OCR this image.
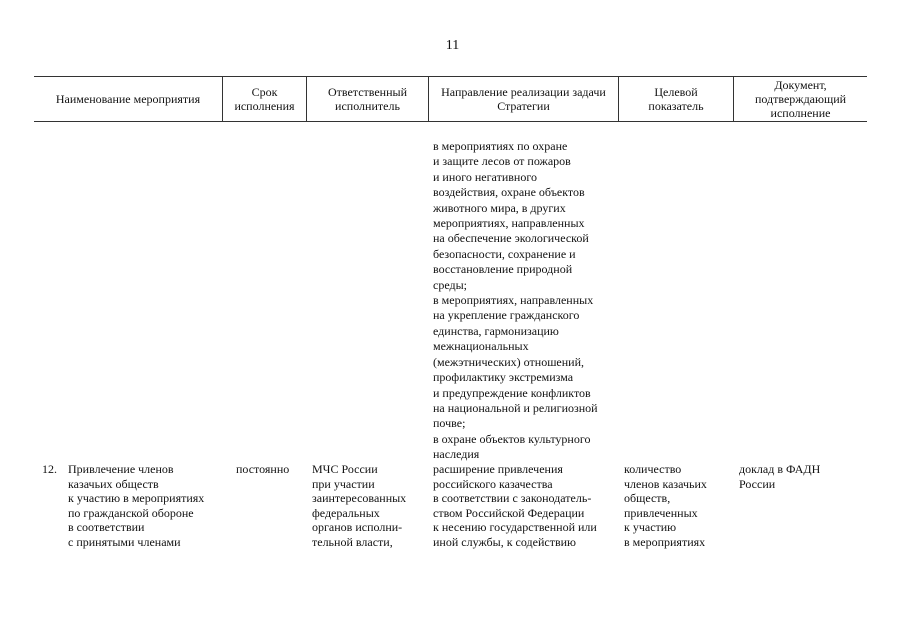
11
Наименование мероприятия	Срок
исполнения
Ответственный
исполнитель
Направление реализации задачи
Стратегии
Целевой
показатель
Документ,
подтверждающий
исполнение
в мероприятиях по охране
и защите лесов от пожаров
и иного негативного
воздействия, охране объектов
животного мира, в других
мероприятиях, направленных
на обеспечение экологической
безопасности, сохранение и
восстановление природной
среды;
в мероприятиях, направленных
на укрепление гражданского
единства, гармонизацию
межнациональных
(межэтнических) отношений,
профилактику экстремизма
и предупреждение конфликтов
на национальной и религиозной
почве;
в охране объектов культурного
наследия
12. Привлечение членов
казачьих обществ
к участию в мероприятиях
по гражданской обороне
в соответствии
с принятыми членами
постоянно	МЧС России
при участии
заинтересованных
федеральных
органов исполни-
тельной власти,
расширение привлечения
российского казачества
в соответствии с законодатель-
ством Российской Федерации
к несению государственной или
иной службы, к содействию
количество
членов казачьих
обществ,
привлеченных
к участию
в мероприятиях
доклад в ФАДН
России
